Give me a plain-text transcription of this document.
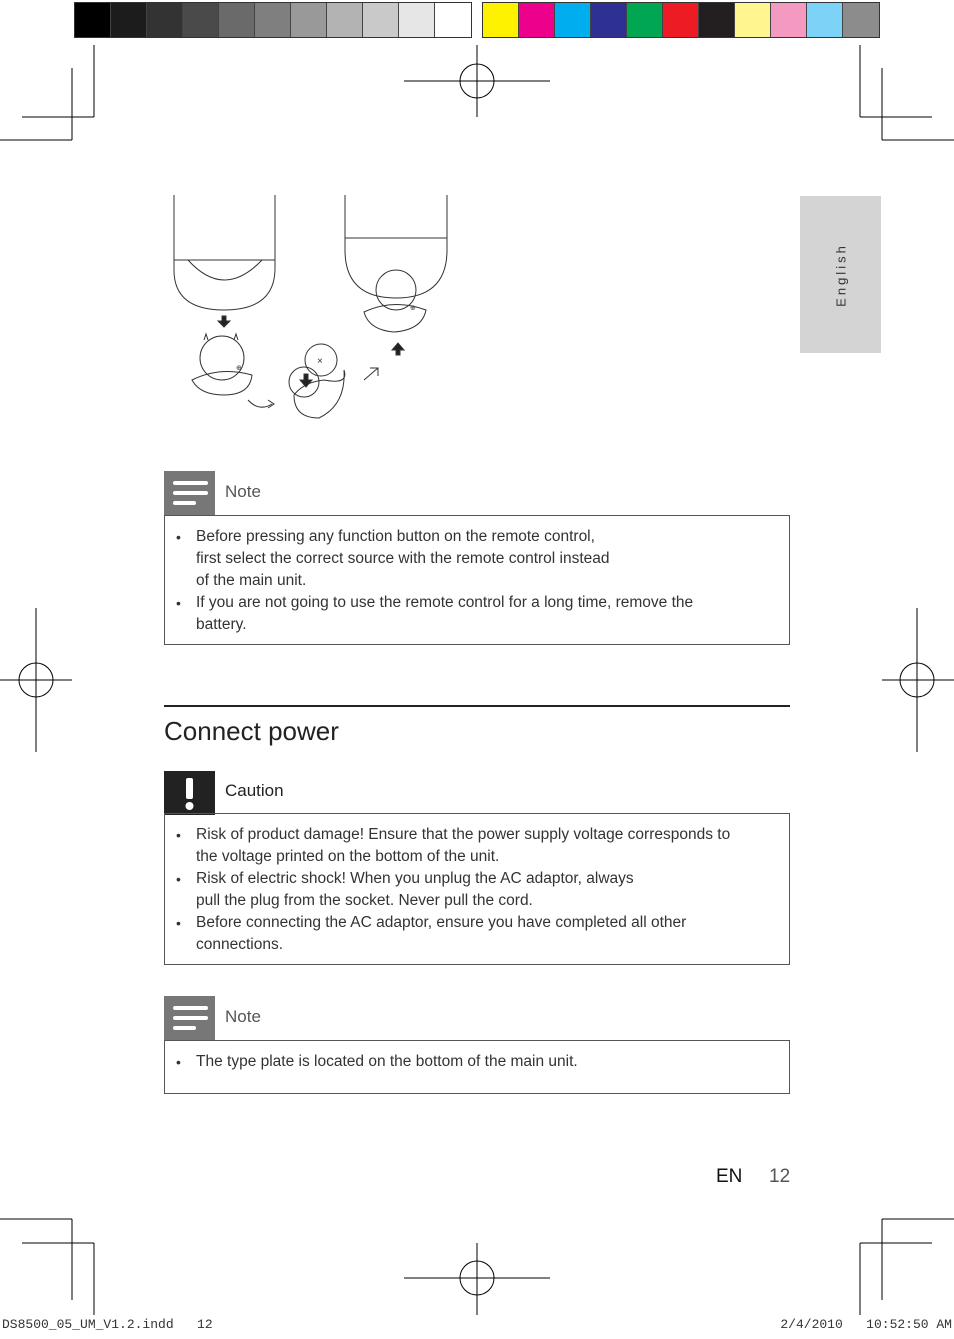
⊕
×
⊕
English
Note
• Before pressing any function button on the remote control,
first select the correct source with the remote control instead
of the main unit.
• If you are not going to use the remote control for a long time, remove the
battery.
Connect power
Caution
• Risk of product damage! Ensure that the power supply voltage corresponds to
the voltage printed on the bottom of the unit.
• Risk of electric shock! When you unplug the AC adaptor, always
pull the plug from the socket. Never pull the cord.
• Before connecting the AC adaptor, ensure you have completed all other
connections.
Note
• The type plate is located on the bottom of the main unit.
EN 12
DS8500_05_UM_V1.2.indd   12	2/4/2010   10:52:50 AM
